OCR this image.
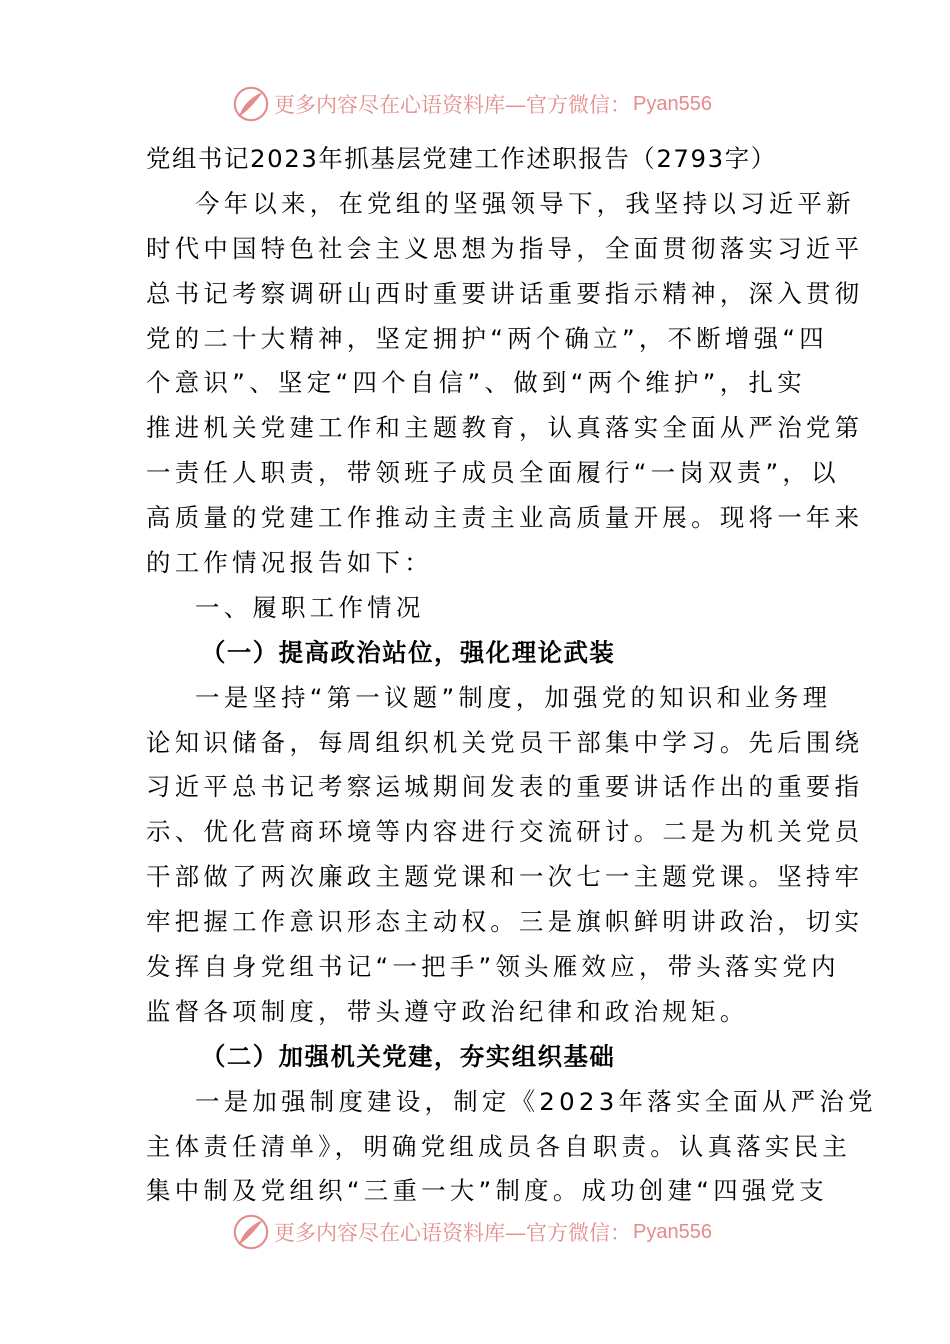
更多内容尽在心语资料库—官方微信： Pyan556
党组书记2023年抓基层党建工作述职报告（2793字）
今年以来，在党组的坚强领导下，我坚持以习近平新
时代中国特色社会主义思想为指导，全面贯彻落实习近平
总书记考察调研山西时重要讲话重要指示精神，深入贯彻
党的二十大精神，坚定拥护“两个确立”，不断增强“四
个意识”、坚定“四个自信”、做到“两个维护”，扎实
推进机关党建工作和主题教育，认真落实全面从严治党第
一责任人职责，带领班子成员全面履行“一岗双责”，以
高质量的党建工作推动主责主业高质量开展。现将一年来
的工作情况报告如下：
一、履职工作情况
（一）提高政治站位，强化理论武装
一是坚持“第一议题”制度，加强党的知识和业务理
论知识储备，每周组织机关党员干部集中学习。先后围绕
习近平总书记考察运城期间发表的重要讲话作出的重要指
示、优化营商环境等内容进行交流研讨。二是为机关党员
干部做了两次廉政主题党课和一次七一主题党课。坚持牢
牢把握工作意识形态主动权。三是旗帜鲜明讲政治，切实
发挥自身党组书记“一把手”领头雁效应，带头落实党内
监督各项制度，带头遵守政治纪律和政治规矩。
（二）加强机关党建，夯实组织基础
一是加强制度建设，制定《2023年落实全面从严治党
主体责任清单》，明确党组成员各自职责。认真落实民主
集中制及党组织“三重一大”制度。成功创建“四强党支
更多内容尽在心语资料库—官方微信： Pyan556
